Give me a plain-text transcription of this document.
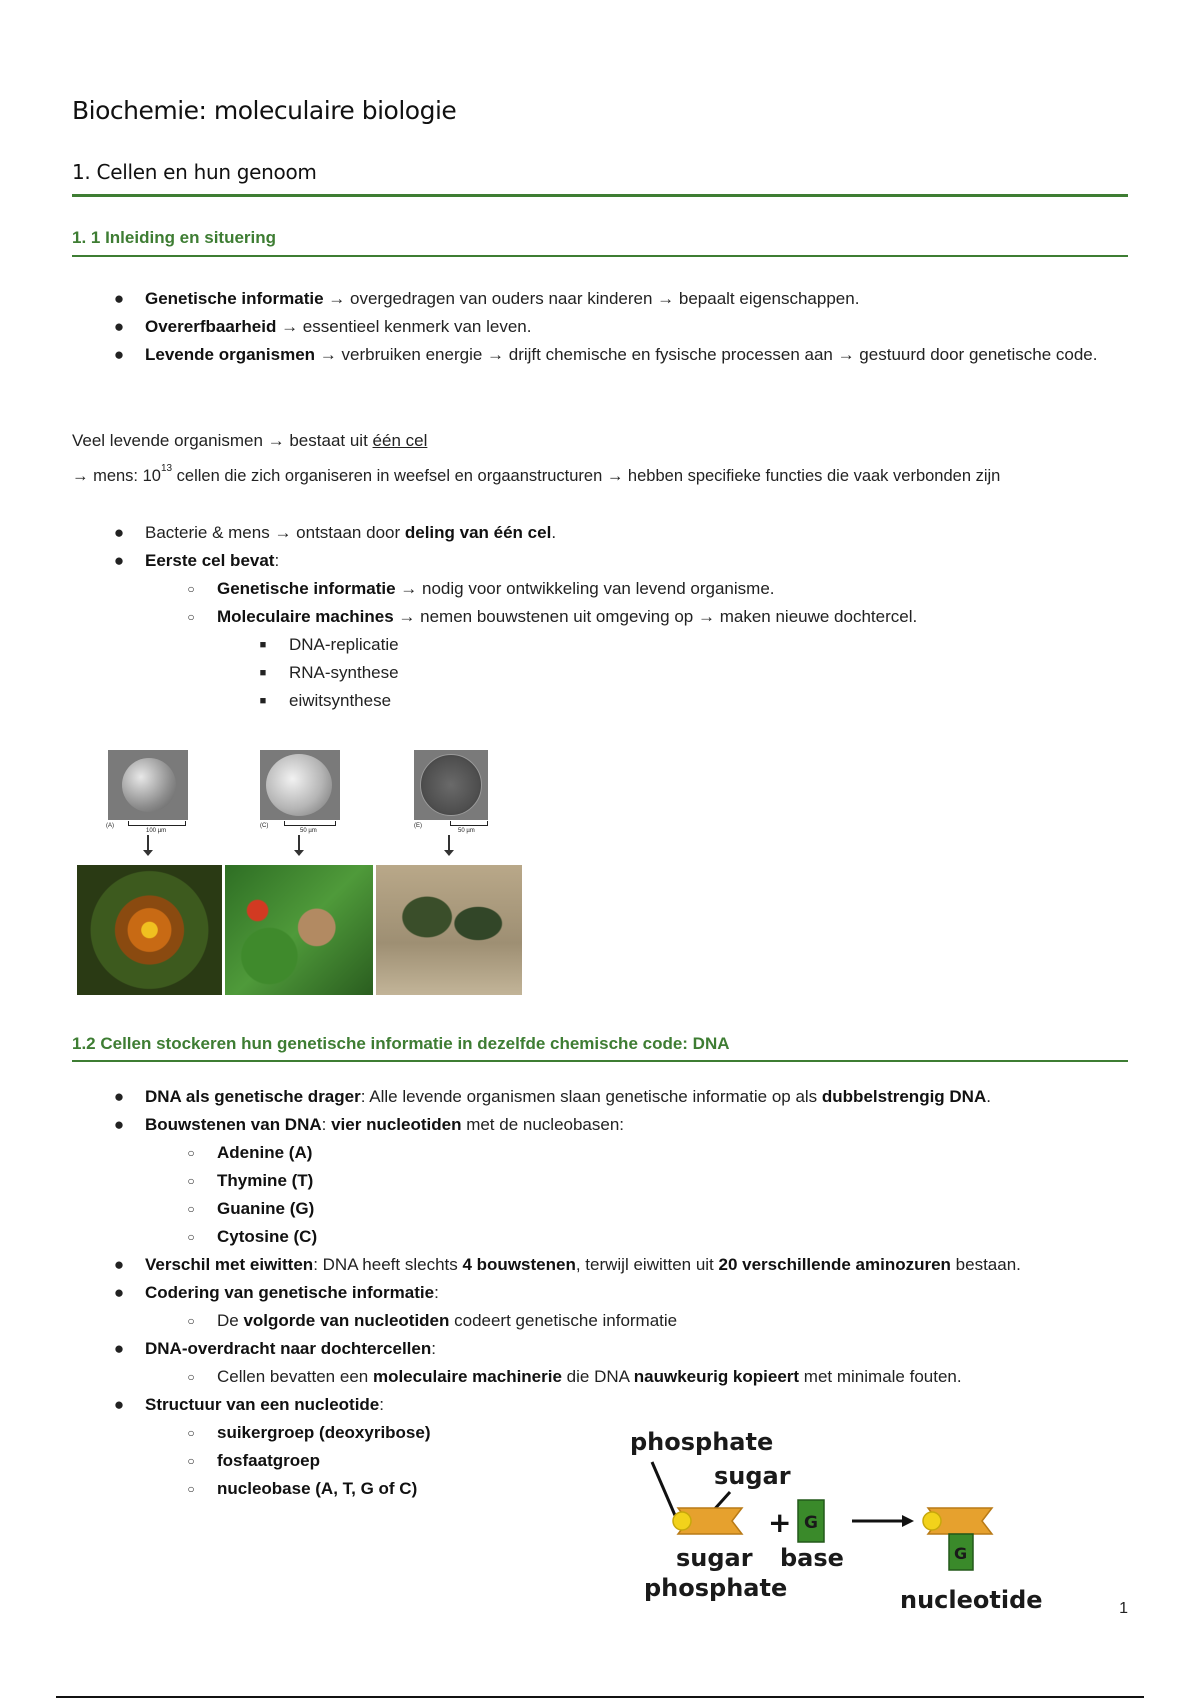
Biochemie: moleculaire biologie
1. Cellen en hun genoom
1. 1 Inleiding en situering
● Genetische informatie → overgedragen van ouders naar kinderen → bepaalt eigenschappen.
● Overerfbaarheid → essentieel kenmerk van leven.
● Levende organismen → verbruiken energie → drijft chemische en fysische processen aan → gestuurd door genetische code.
Veel levende organismen → bestaat uit één cel
→ mens: $10^{13}$ cellen die zich organiseren in weefsel en orgaanstructuren → hebben specifieke functies die vaak verbonden zijn
● Bacterie & mens → ontstaan door deling van één cel.
● Eerste cel bevat:
○	Genetische informatie → nodig voor ontwikkeling van levend organisme.
○	Moleculaire machines → nemen bouwstenen uit omgeving op → maken nieuwe dochtercel.
■	DNA-replicatie
■	RNA-synthese
■	eiwitsynthese
(A)
100 µm
(C)
50 µm
(E)
50 µm
1.2 Cellen stockeren hun genetische informatie in dezelfde chemische code: DNA
● DNA als genetische drager: Alle levende organismen slaan genetische informatie op als dubbelstrengig DNA.
● Bouwstenen van DNA: vier nucleotiden met de nucleobasen:
○	Adenine (A)
○	Thymine (T)
○	Guanine (G)
○	Cytosine (C)
● Verschil met eiwitten: DNA heeft slechts 4 bouwstenen, terwijl eiwitten uit 20 verschillende aminozuren bestaan.
● Codering van genetische informatie:
○	De volgorde van nucleotiden codeert genetische informatie
● DNA-overdracht naar dochtercellen:
○	Cellen bevatten een moleculaire machinerie die DNA nauwkeurig kopieert met minimale fouten.
● Structuur van een nucleotide:
○	suikergroep (deoxyribose)
○	fosfaatgroep
○	nucleobase (A, T, G of C)
phosphate
sugar
+ G
G
sugar
phosphate
base
nucleotide	1
